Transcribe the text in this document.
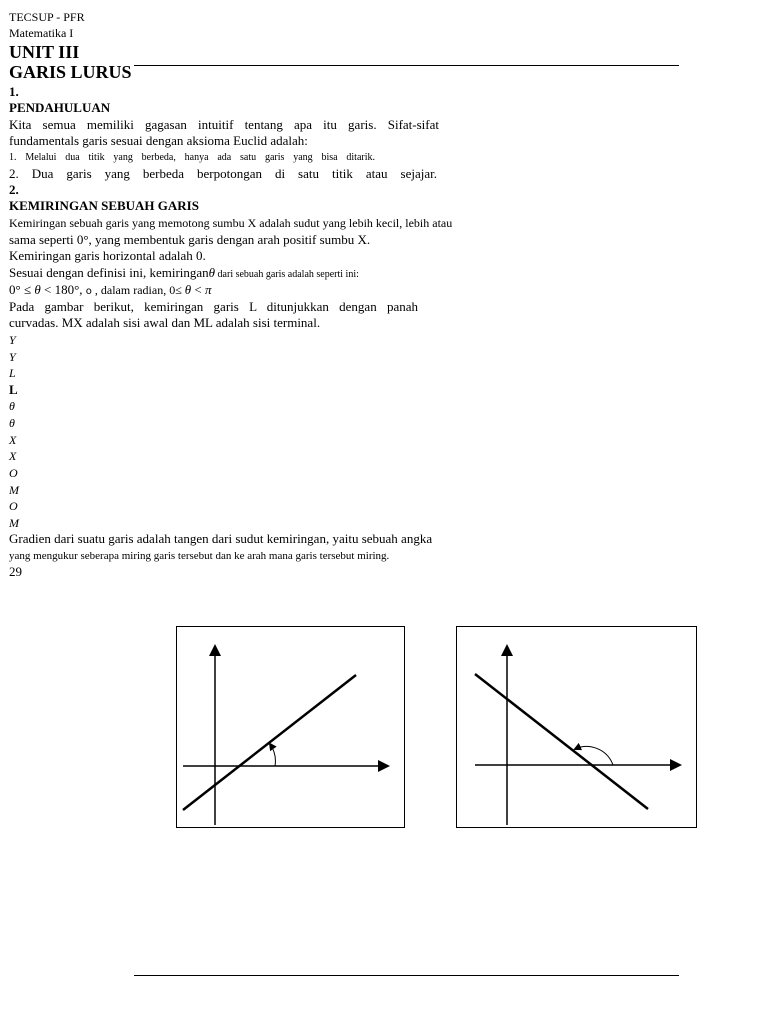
TECSUP - PFR
Matematika I
UNIT III
GARIS LURUS
1.
PENDAHULUAN
Kita semua memiliki gagasan intuitif tentang apa itu garis. Sifat-sifat
fundamentals garis sesuai dengan aksioma Euclid adalah:
1. Melalui dua titik yang berbeda, hanya ada satu garis yang bisa ditarik.
2. Dua garis yang berbeda berpotongan di satu titik atau sejajar.
2.
KEMIRINGAN SEBUAH GARIS
Kemiringan sebuah garis yang memotong sumbu X adalah sudut yang lebih kecil, lebih atau
sama seperti 0°, yang membentuk garis dengan arah positif sumbu X.
Kemiringan garis horizontal adalah 0.
Sesuai dengan definisi ini, kemiringanθ dari sebuah garis adalah seperti ini:
0° ≤ θ < 180°, o , dalam radian, 0≤ θ < π
Pada gambar berikut, kemiringan garis L ditunjukkan dengan panah
curvadas. MX adalah sisi awal dan ML adalah sisi terminal.
Y
Y
L
L
θ
θ
X
X
O
M
O
M
Gradien dari suatu garis adalah tangen dari sudut kemiringan, yaitu sebuah angka
yang mengukur seberapa miring garis tersebut dan ke arah mana garis tersebut miring.
29
